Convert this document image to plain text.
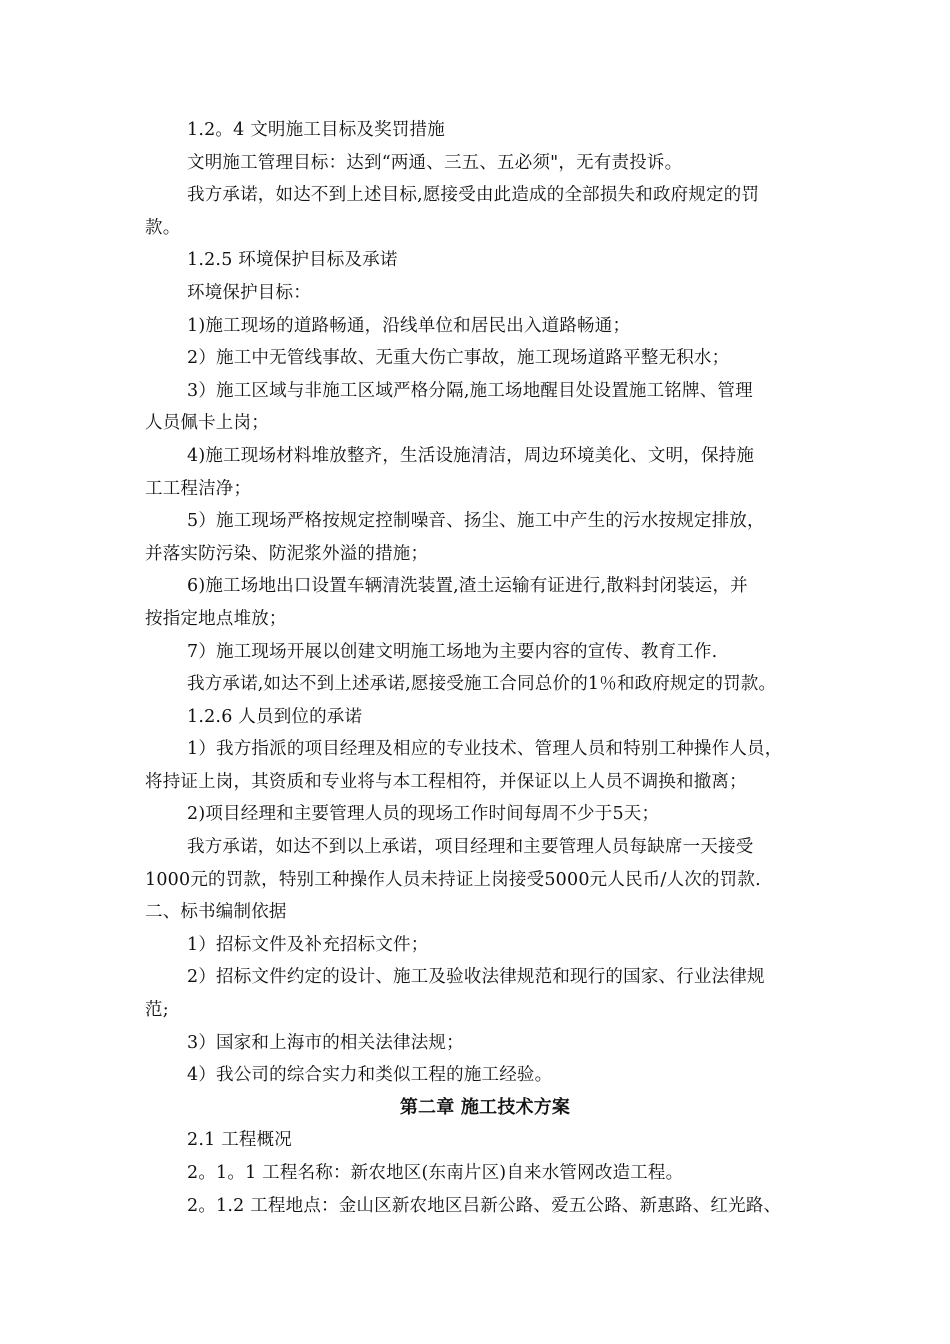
1.2。4 文明施工目标及奖罚措施
文明施工管理目标：达到“两通、三五、五必须"，无有责投诉。
我方承诺，如达不到上述目标,愿接受由此造成的全部损失和政府规定的罚
款。
1.2.5 环境保护目标及承诺
环境保护目标：
1)施工现场的道路畅通，沿线单位和居民出入道路畅通；
2）施工中无管线事故、无重大伤亡事故，施工现场道路平整无积水；
3）施工区域与非施工区域严格分隔,施工场地醒目处设置施工铭牌、管理
人员佩卡上岗；
4)施工现场材料堆放整齐，生活设施清洁，周边环境美化、文明，保持施
工工程洁净；
5）施工现场严格按规定控制噪音、扬尘、施工中产生的污水按规定排放，
并落实防污染、防泥浆外溢的措施；
6)施工场地出口设置车辆清洗装置,渣土运输有证进行,散料封闭装运，并
按指定地点堆放；
7）施工现场开展以创建文明施工场地为主要内容的宣传、教育工作.
我方承诺,如达不到上述承诺,愿接受施工合同总价的1％和政府规定的罚款。
1.2.6 人员到位的承诺
1）我方指派的项目经理及相应的专业技术、管理人员和特别工种操作人员，
将持证上岗，其资质和专业将与本工程相符，并保证以上人员不调换和撤离；
2)项目经理和主要管理人员的现场工作时间每周不少于5天；
我方承诺，如达不到以上承诺，项目经理和主要管理人员每缺席一天接受
1000元的罚款，特别工种操作人员未持证上岗接受5000元人民币/人次的罚款.
二、标书编制依据
1）招标文件及补充招标文件；
2）招标文件约定的设计、施工及验收法律规范和现行的国家、行业法律规
范;
3）国家和上海市的相关法律法规；
4）我公司的综合实力和类似工程的施工经验。
第二章 施工技术方案
2.1 工程概况
2。1。1 工程名称：新农地区(东南片区)自来水管网改造工程。
2。1.2 工程地点：金山区新农地区吕新公路、爱五公路、新惠路、红光路、
